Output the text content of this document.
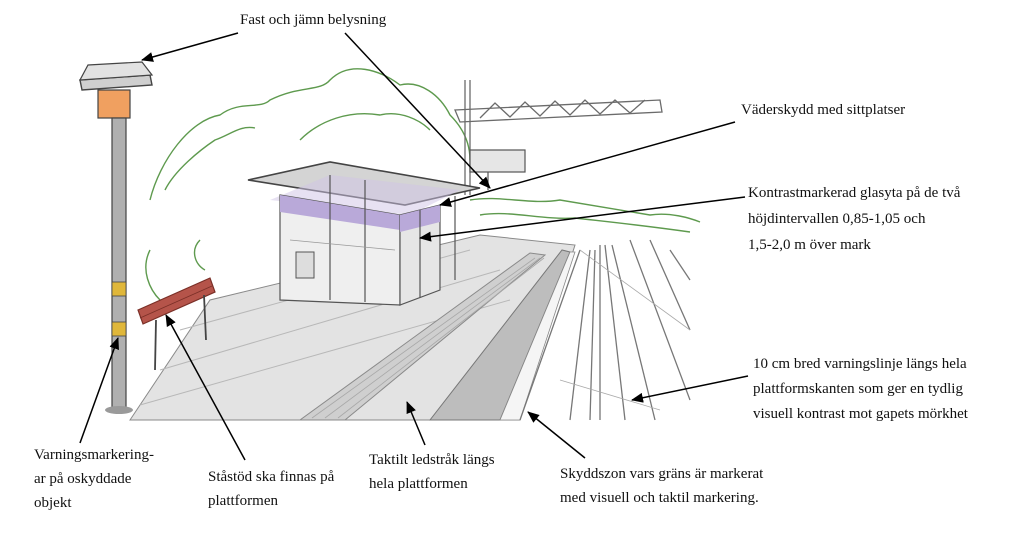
Fast och jämn belysning
Väderskydd med sittplatser
Kontrastmarkerad glasyta på de två
höjdintervallen 0,85-1,05 och
1,5-2,0 m över mark
10 cm bred varningslinje längs hela
plattformskanten som ger en tydlig
visuell kontrast mot gapets mörkhet
Varningsmarkering-
ar på oskyddade
objekt
Ståstöd ska finnas på
plattformen
Taktilt ledstråk längs
hela plattformen
Skyddszon vars gräns är markerat
med visuell och taktil markering.
